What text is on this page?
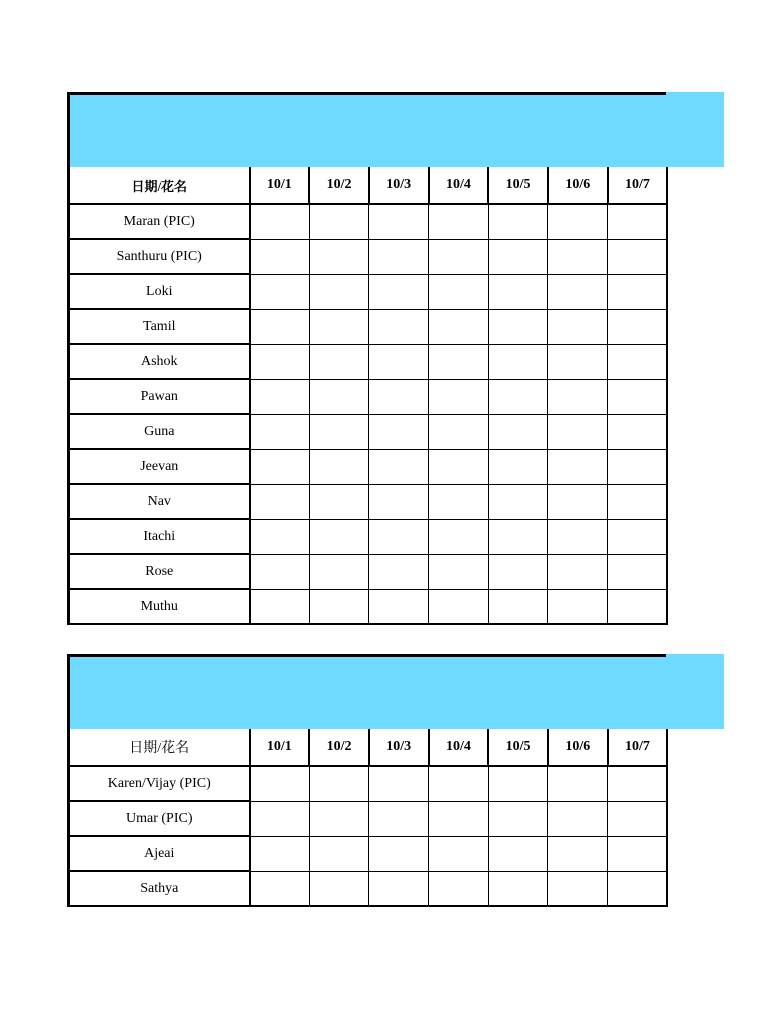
日期/花名	10/1	10/2	10/3	10/4	10/5	10/6	10/7
Maran (PIC)							
Santhuru (PIC)							
Loki							
Tamil							
Ashok							
Pawan							
Guna							
Jeevan							
Nav							
Itachi							
Rose							
Muthu							
日期/花名	10/1	10/2	10/3	10/4	10/5	10/6	10/7
Karen/Vijay (PIC)							
Umar (PIC)							
Ajeai							
Sathya							
